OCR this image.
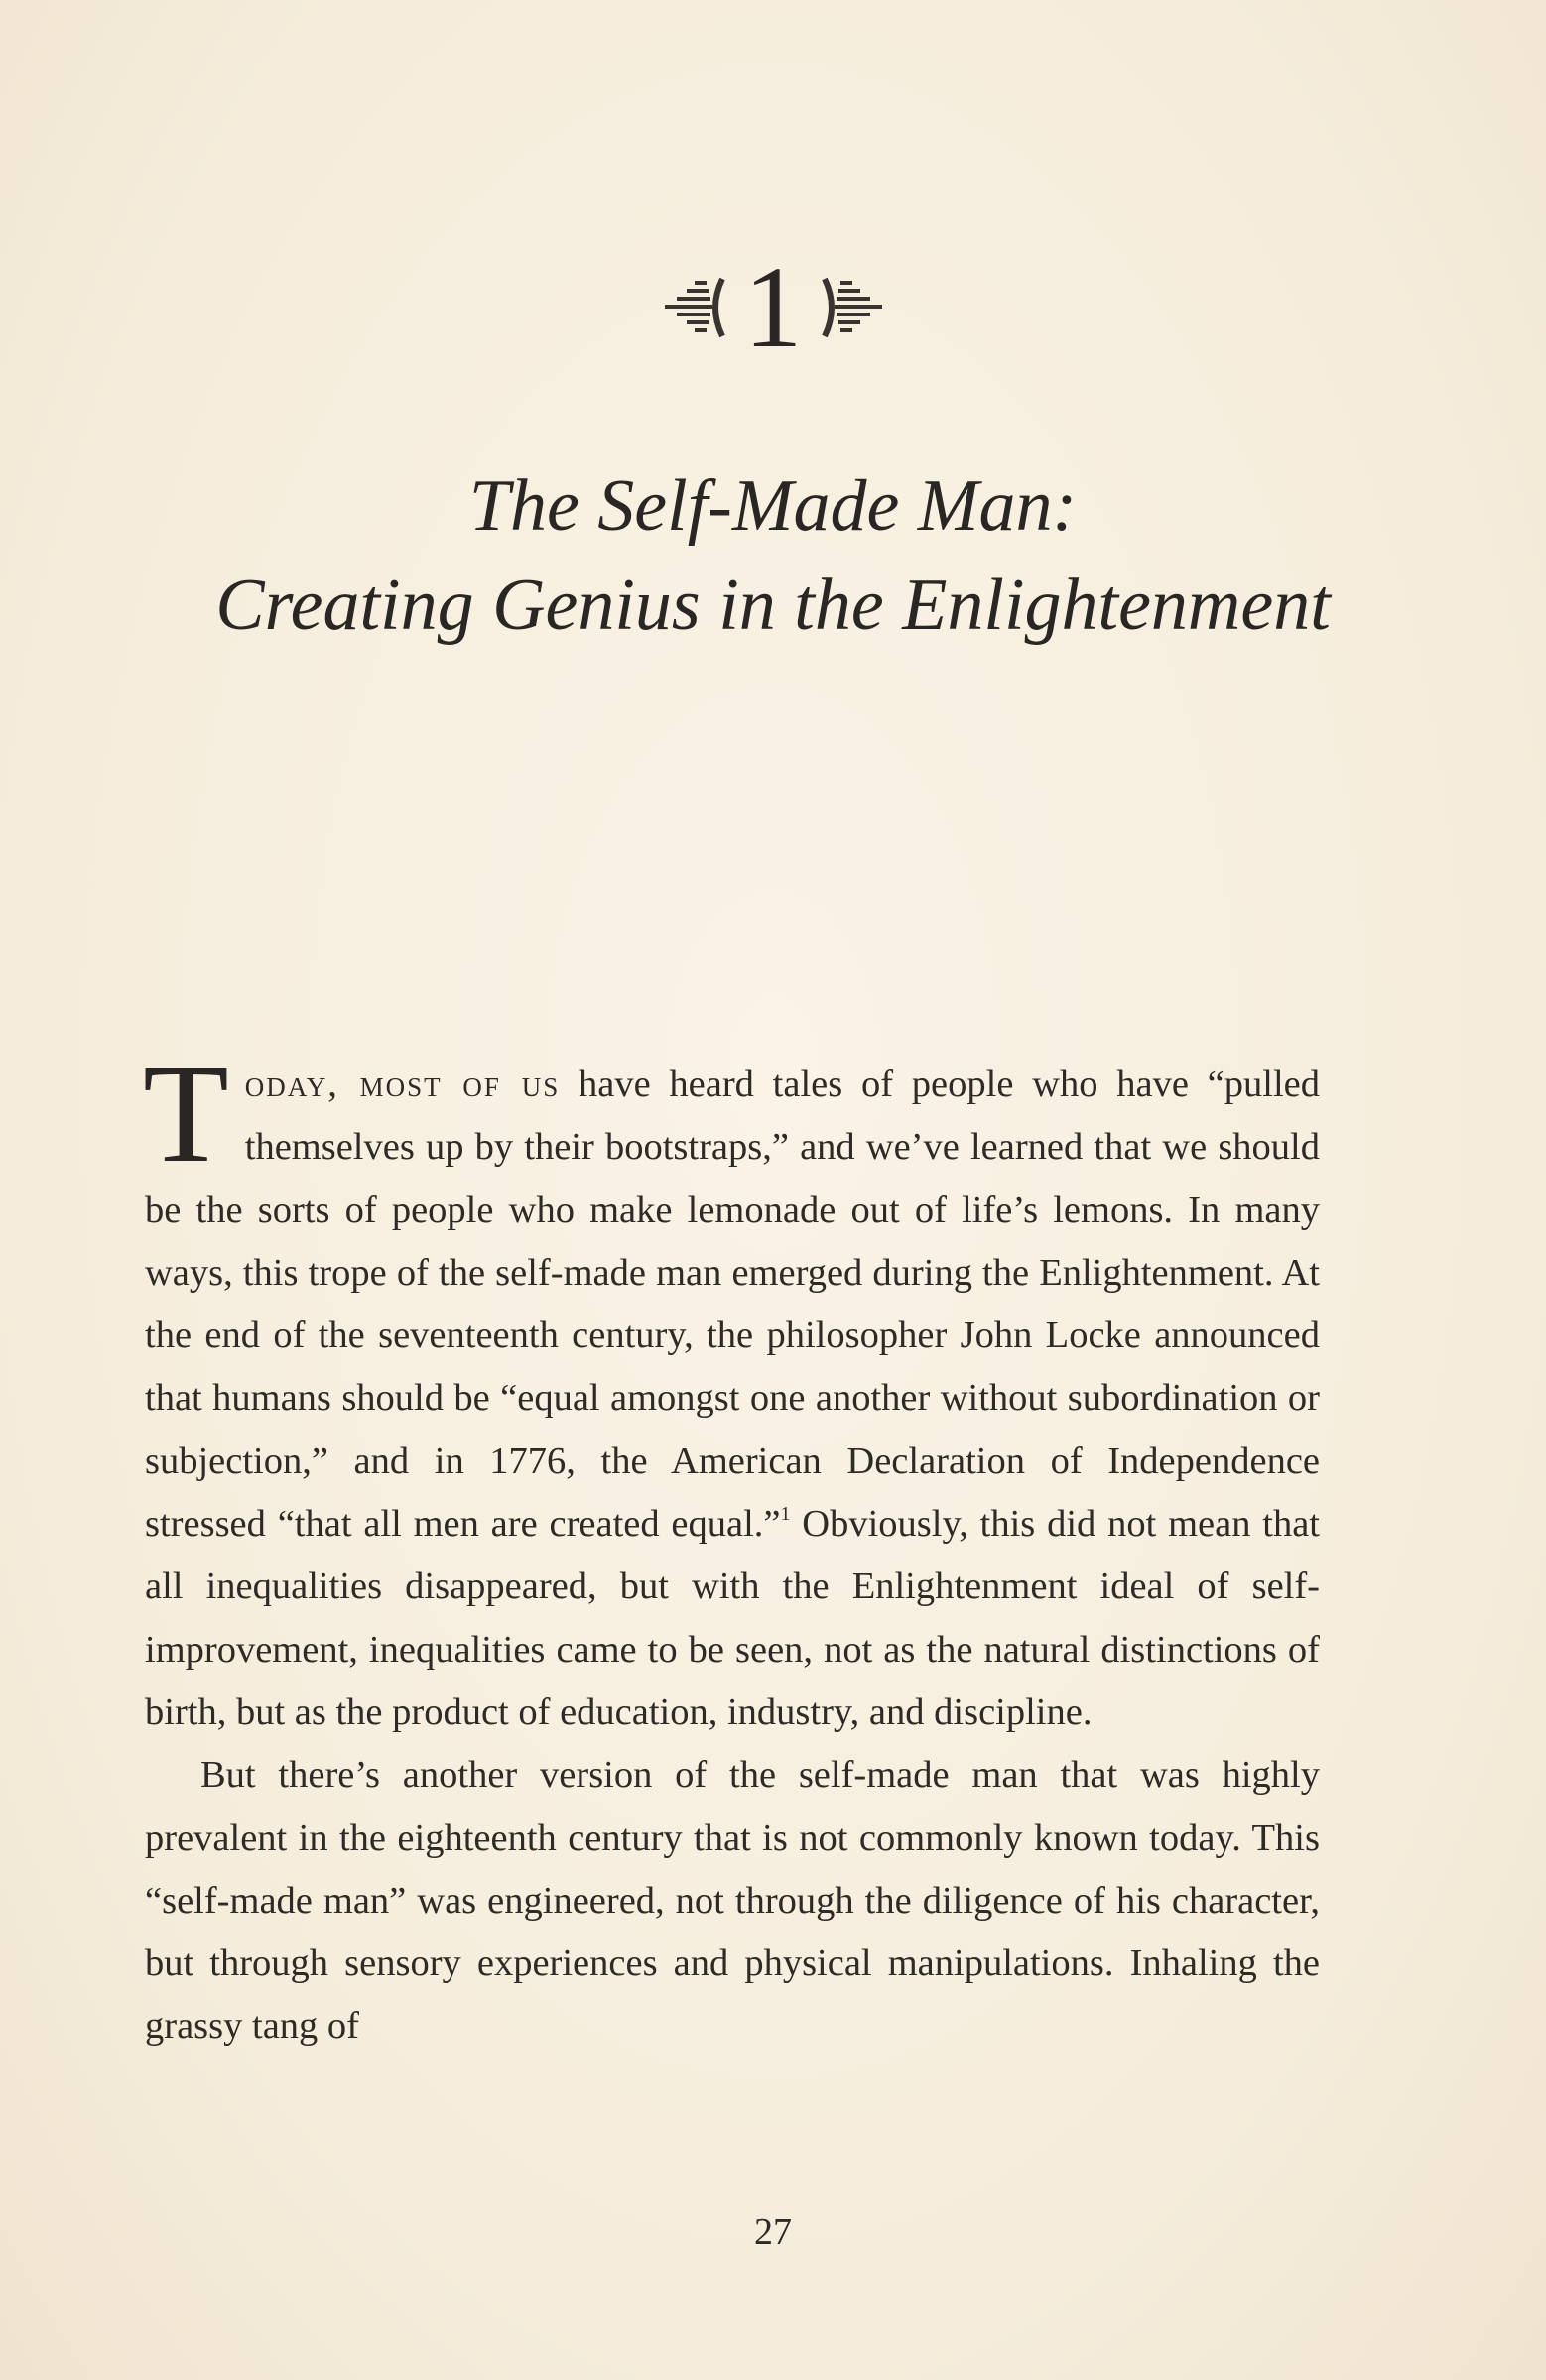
1
The Self-Made Man:
Creating Genius in the Enlightenment

Today, most of us have heard tales of people who have “pulled themselves up by their bootstraps,” and we’ve learned that we should be the sorts of people who make lemonade out of life’s lemons. In many ways, this trope of the self-made man emerged during the Enlightenment. At the end of the seventeenth century, the philosopher John Locke announced that humans should be “equal amongst one another without subordination or subjection,” and in 1776, the American Declaration of Independence stressed “that all men are created equal.”$^1$ Obviously, this did not mean that all inequalities disappeared, but with the Enlightenment ideal of self-improvement, inequalities came to be seen, not as the natural distinctions of birth, but as the product of education, industry, and discipline.

But there’s another version of the self-made man that was highly prevalent in the eighteenth century that is not commonly known today. This “self-made man” was engineered, not through the diligence of his character, but through sensory experiences and physical manipulations. Inhaling the grassy tang of

27
